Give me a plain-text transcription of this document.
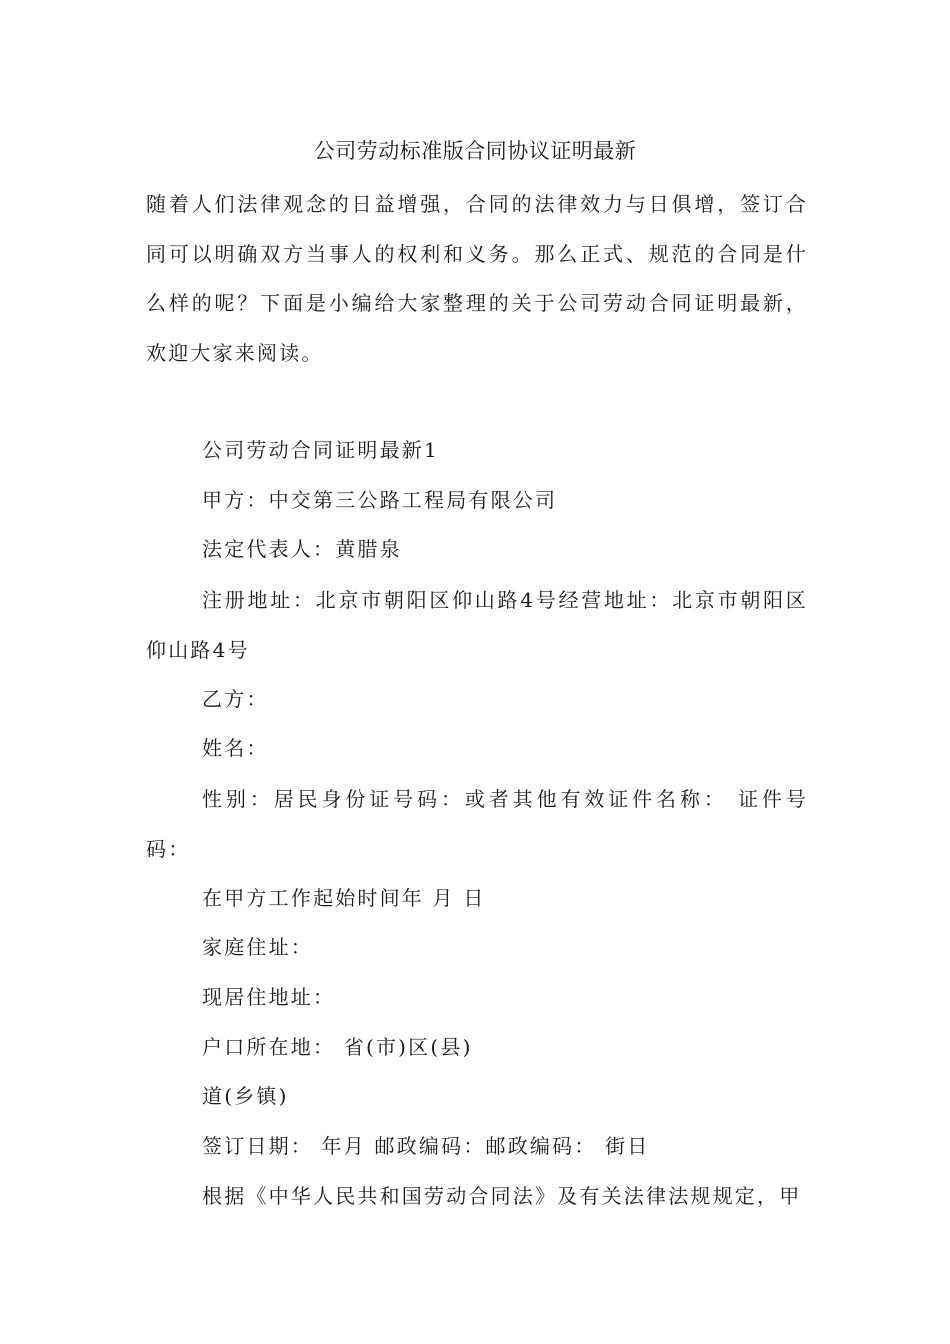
公司劳动标准版合同协议证明最新

随着人们法律观念的日益增强，合同的法律效力与日俱增，签订合同可以明确双方当事人的权利和义务。那么正式、规范的合同是什么样的呢？下面是小编给大家整理的关于公司劳动合同证明最新，欢迎大家来阅读。

公司劳动合同证明最新1

甲方：中交第三公路工程局有限公司

法定代表人：黄腊泉

注册地址：北京市朝阳区仰山路4号经营地址：北京市朝阳区仰山路4号

乙方：

姓名：

性别：居民身份证号码：或者其他有效证件名称： 证件号码：

在甲方工作起始时间年 月 日

家庭住址：

现居住地址：

户口所在地： 省(市)区(县)

道(乡镇)

签订日期： 年月 邮政编码：邮政编码： 街日

根据《中华人民共和国劳动合同法》及有关法律法规规定，甲
